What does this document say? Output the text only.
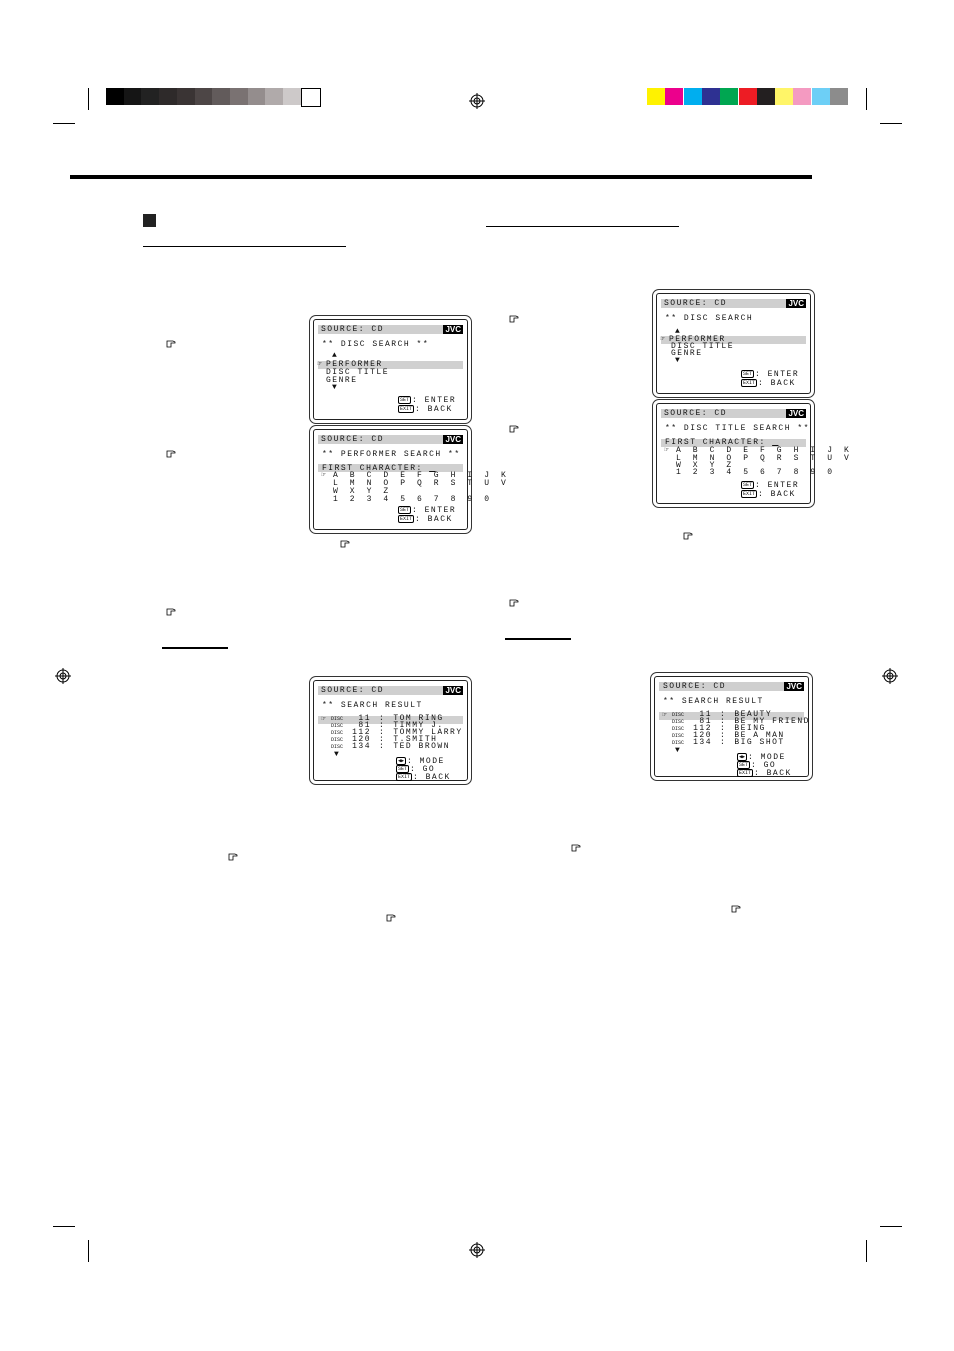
SOURCE: CD	JVC
** DISC SEARCH **
▲
☞ PERFORMER
DISC TITLE
GENRE
▼
SET : ENTER
EXIT : BACK
SOURCE: CD	JVC
** PERFORMER SEARCH **
FIRST CHARACTER:
☞ A B C D E F G H I J K
L M N O P Q R S T U V
W X Y Z
1 2 3 4 5 6 7 8 9 0
SET : ENTER
EXIT : BACK
SOURCE: CD	JVC
** SEARCH RESULT
☞ DISC 11 : TOM RING
DISC 81 : TIMMY J.
DISC 112 : TOMMY LARRY
DISC 120 : T.SMITH
DISC 134 : TED BROWN
▼
◀▶ : MODE
SET : GO
EXIT : BACK
SOURCE: CD	JVC
** DISC SEARCH
▲
☞ PERFORMER
DISC TITLE
GENRE
▼
SET : ENTER
EXIT : BACK
SOURCE: CD	JVC
** DISC TITLE SEARCH **
FIRST CHARACTER:
☞ A B C D E F G H I J K
L M N O P Q R S T U V
W X Y Z
1 2 3 4 5 6 7 8 9 0
SET : ENTER
EXIT : BACK
SOURCE: CD	JVC
** SEARCH RESULT
☞ DISC 11 : BEAUTY
DISC 81 : BE MY FRIEND
DISC 112 : BEING
DISC 120 : BE A MAN
DISC 134 : BIG SHOT
▼
◀▶ : MODE
SET : GO
EXIT : BACK
